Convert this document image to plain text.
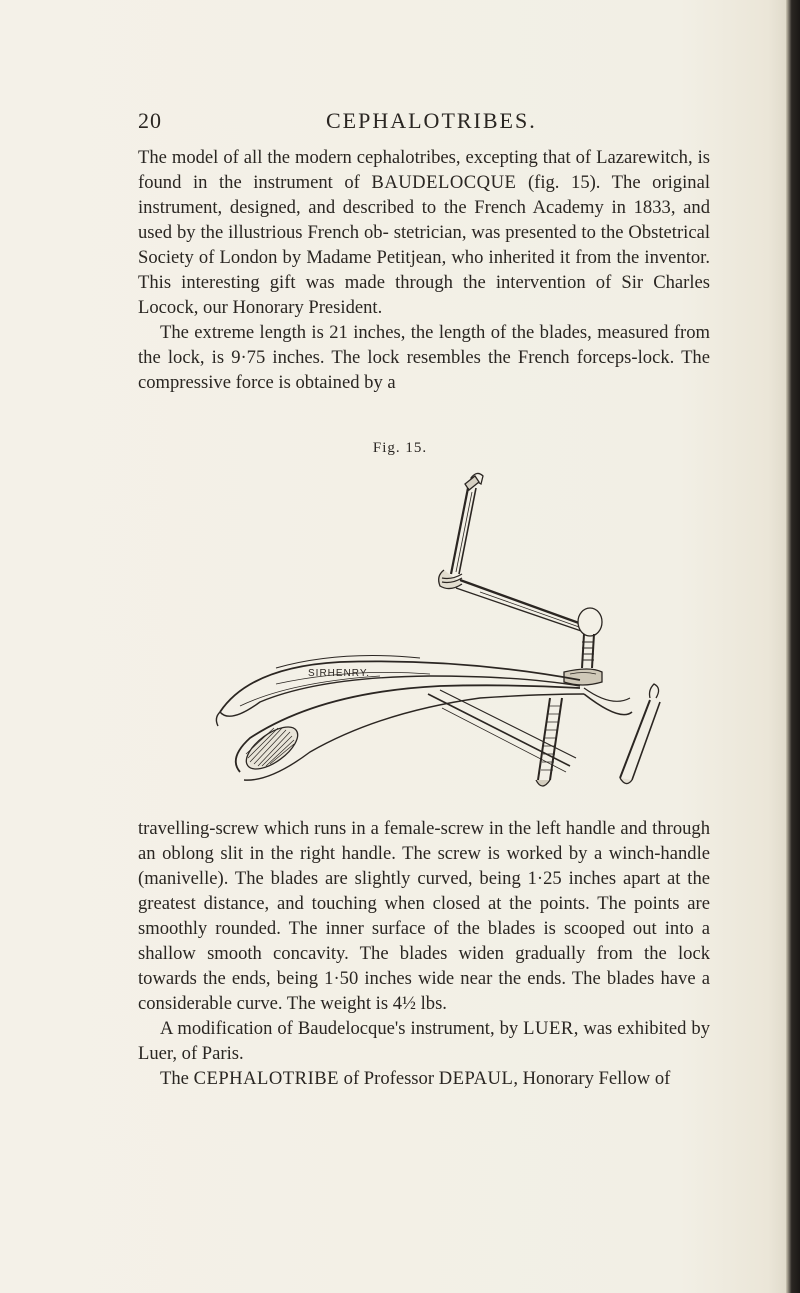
20	CEPHALOTRIBES.

The model of all the modern cephalotribes, excepting that of Lazarewitch, is found in the instrument of BAUDELOCQUE (fig. 15). The original instrument, designed, and described to the French Academy in 1833, and used by the illustrious French ob- stetrician, was presented to the Obstetrical Society of London by Madame Petitjean, who inherited it from the inventor. This interesting gift was made through the intervention of Sir Charles Locock, our Honorary President.

The extreme length is 21 inches, the length of the blades, measured from the lock, is 9·75 inches. The lock resembles the French forceps-lock. The compressive force is obtained by a

Fig. 15.
SIRHENRY.

travelling-screw which runs in a female-screw in the left handle and through an oblong slit in the right handle. The screw is worked by a winch-handle (manivelle). The blades are slightly curved, being 1·25 inches apart at the greatest distance, and touching when closed at the points. The points are smoothly rounded. The inner surface of the blades is scooped out into a shallow smooth concavity. The blades widen gradually from the lock towards the ends, being 1·50 inches wide near the ends. The blades have a considerable curve. The weight is 4½ lbs.

A modification of Baudelocque's instrument, by LUER, was exhibited by Luer, of Paris.

The CEPHALOTRIBE of Professor DEPAUL, Honorary Fellow of
